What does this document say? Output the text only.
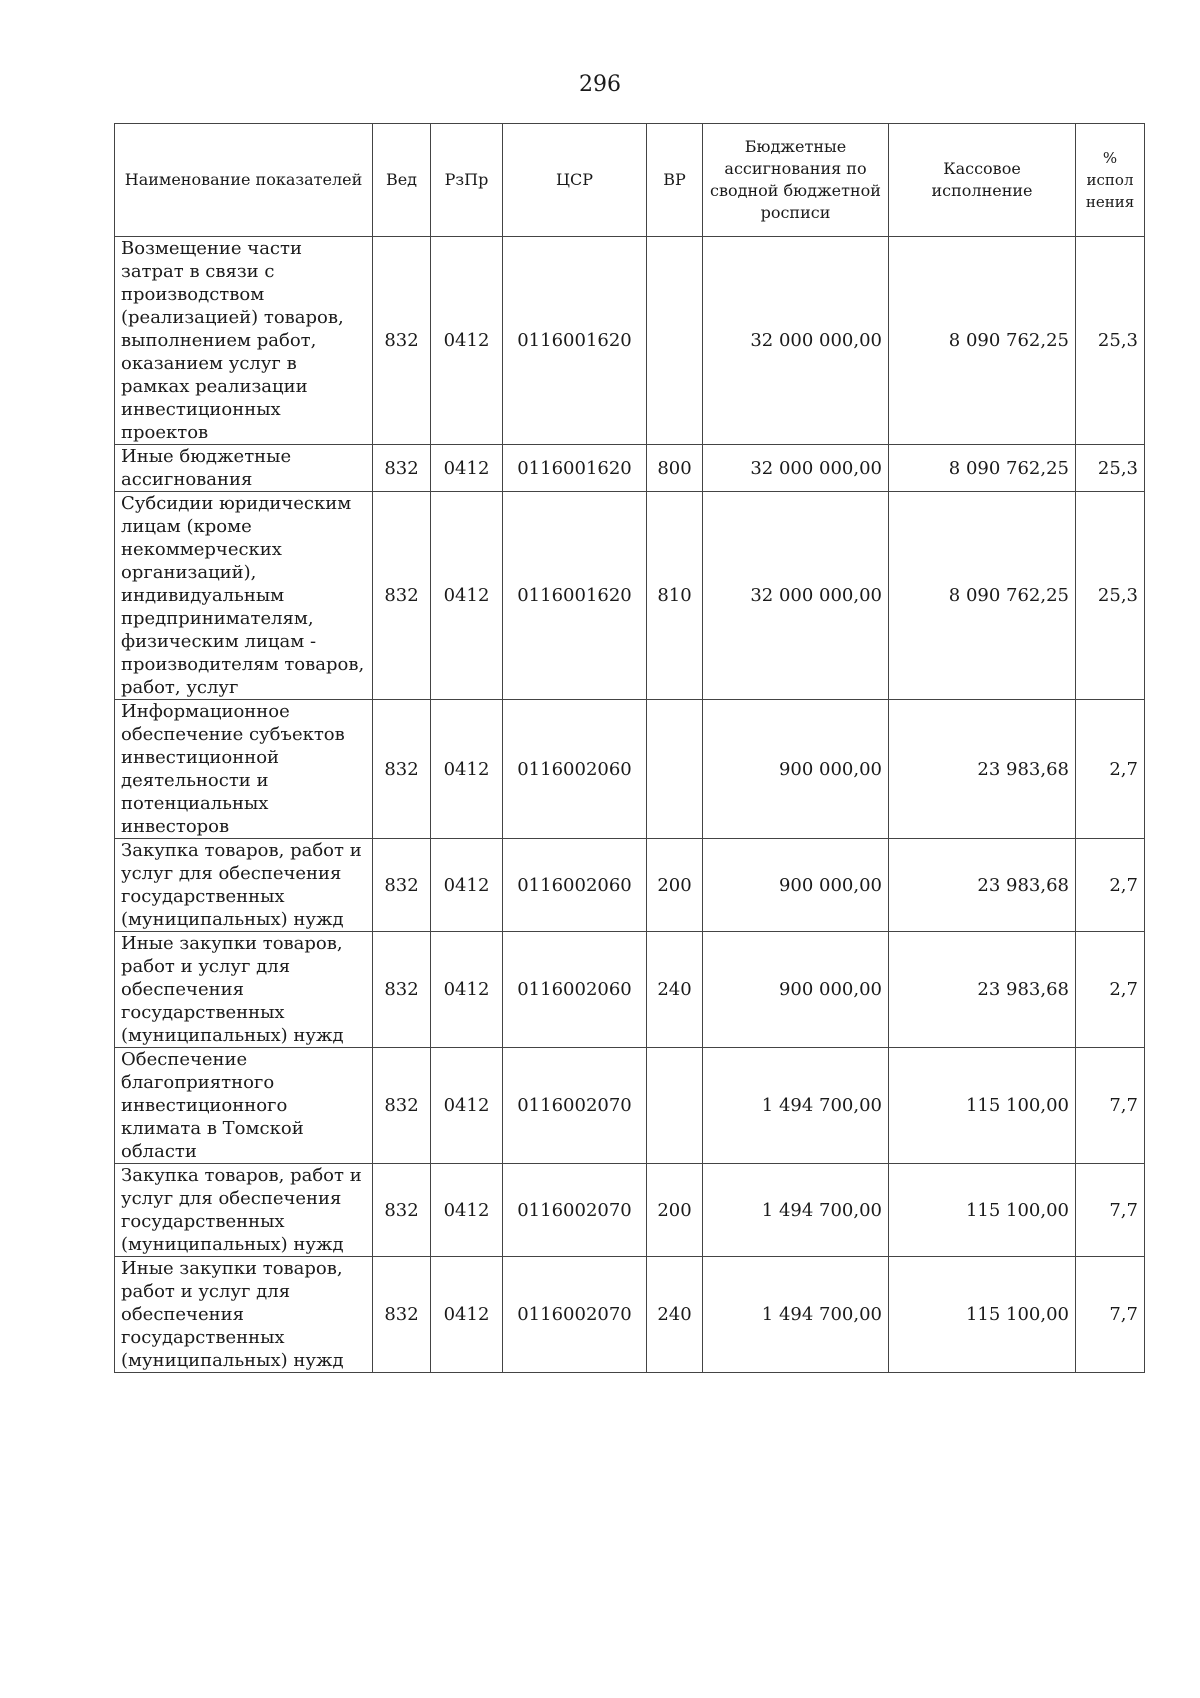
296
Наименование показателей	Вед	РзПр	ЦСР	ВР	Бюджетные ассигнования по сводной бюджетной росписи	Кассовое исполнение	% испол нения
Возмещение части затрат в связи с производством (реализацией) товаров, выполнением работ, оказанием услуг в рамках реализации инвестиционных проектов	832	0412	0116001620		32 000 000,00	8 090 762,25	25,3
Иные бюджетные ассигнования	832	0412	0116001620	800	32 000 000,00	8 090 762,25	25,3
Субсидии юридическим лицам (кроме некоммерческих организаций), индивидуальным предпринимателям, физическим лицам - производителям товаров, работ, услуг	832	0412	0116001620	810	32 000 000,00	8 090 762,25	25,3
Информационное обеспечение субъектов инвестиционной деятельности и потенциальных инвесторов	832	0412	0116002060		900 000,00	23 983,68	2,7
Закупка товаров, работ и услуг для обеспечения государственных (муниципальных) нужд	832	0412	0116002060	200	900 000,00	23 983,68	2,7
Иные закупки товаров, работ и услуг для обеспечения государственных (муниципальных) нужд	832	0412	0116002060	240	900 000,00	23 983,68	2,7
Обеспечение благоприятного инвестиционного климата в Томской области	832	0412	0116002070		1 494 700,00	115 100,00	7,7
Закупка товаров, работ и услуг для обеспечения государственных (муниципальных) нужд	832	0412	0116002070	200	1 494 700,00	115 100,00	7,7
Иные закупки товаров, работ и услуг для обеспечения государственных (муниципальных) нужд	832	0412	0116002070	240	1 494 700,00	115 100,00	7,7
